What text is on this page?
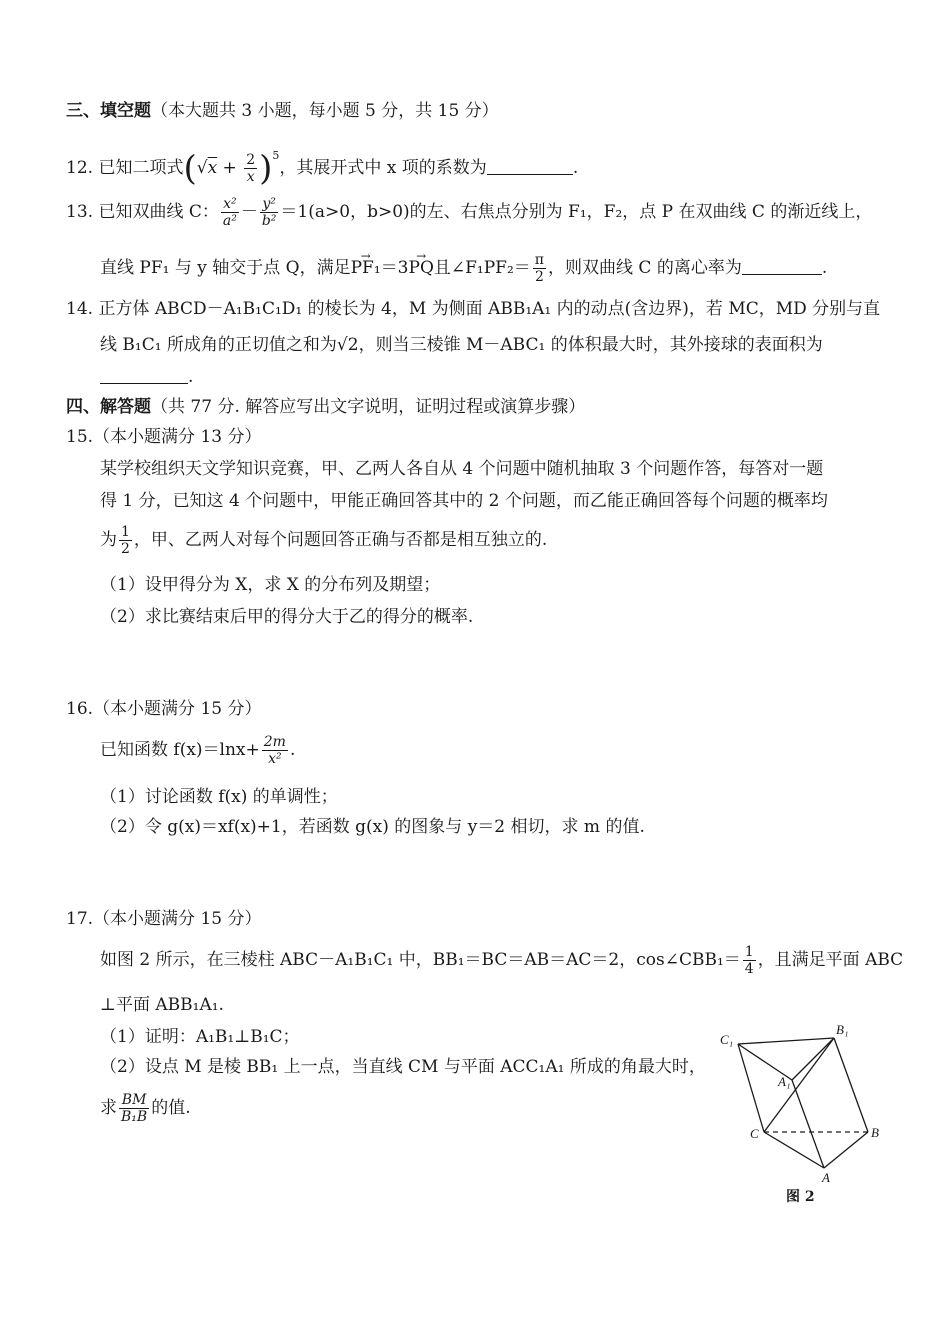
三、填空题（本大题共 3 小题，每小题 5 分，共 15 分）
12. 已知二项式$(√x + \frac{2}{x} )^5$，其展开式中 x 项的系数为	.
13. 已知双曲线 C： $\frac{\text{x²}}{\text{a²}} - \frac{\text{y²}}{\text{b²}} =1(a>0$，b>0)的左、右焦点分别为 F₁，F₂，点 P 在双曲线 C 的渐近线上，
直线 PF₁ 与 y 轴交于点 Q，满足→ PF₁＝3→ PQ且∠F₁PF₂＝ $\frac{\pi}{2}$ ，则双曲线 C 的离心率为	.
14. 正方体 ABCD－A₁B₁C₁D₁ 的棱长为 4，M 为侧面 ABB₁A₁ 内的动点(含边界)，若 MC，MD 分别与直
线 B₁C₁ 所成角的正切值之和为√2，则当三棱锥 M－ABC₁ 的体积最大时，其外接球的表面积为
.
四、解答题（共 77 分. 解答应写出文字说明，证明过程或演算步骤）
15.（本小题满分 13 分）
某学校组织天文学知识竞赛，甲、乙两人各自从 4 个问题中随机抽取 3 个问题作答，每答对一题
得 1 分，已知这 4 个问题中，甲能正确回答其中的 2 个问题，而乙能正确回答每个问题的概率均
为 $\frac{1}{2}$ ，甲、乙两人对每个问题回答正确与否都是相互独立的.
（1）设甲得分为 X，求 X 的分布列及期望；
（2）求比赛结束后甲的得分大于乙的得分的概率.
16.（本小题满分 15 分）
已知函数 $f(x)=\ln x+ \frac{2m}{\text{x²}}$ .
（1）讨论函数 f(x) 的单调性；
（2）令 g(x)＝xf(x)+1，若函数 g(x) 的图象与 y＝2 相切，求 m 的值.
17.（本小题满分 15 分）
如图 2 所示，在三棱柱 ABC－A₁B₁C₁ 中，BB₁＝BC＝AB＝AC＝2，cos∠CBB₁＝ $\frac{1}{4}$ ，且满足平面 ABC
⊥平面 ABB₁A₁.
（1）证明：A₁B₁⊥B₁C；
（2）设点 M 是棱 BB₁ 上一点，当直线 CM 与平面 ACC₁A₁ 所成的角最大时，
求 $\frac{BM}{\text{B₁B}}$ 的值.
C₁
B₁
A₁
C	B
A
图 2
